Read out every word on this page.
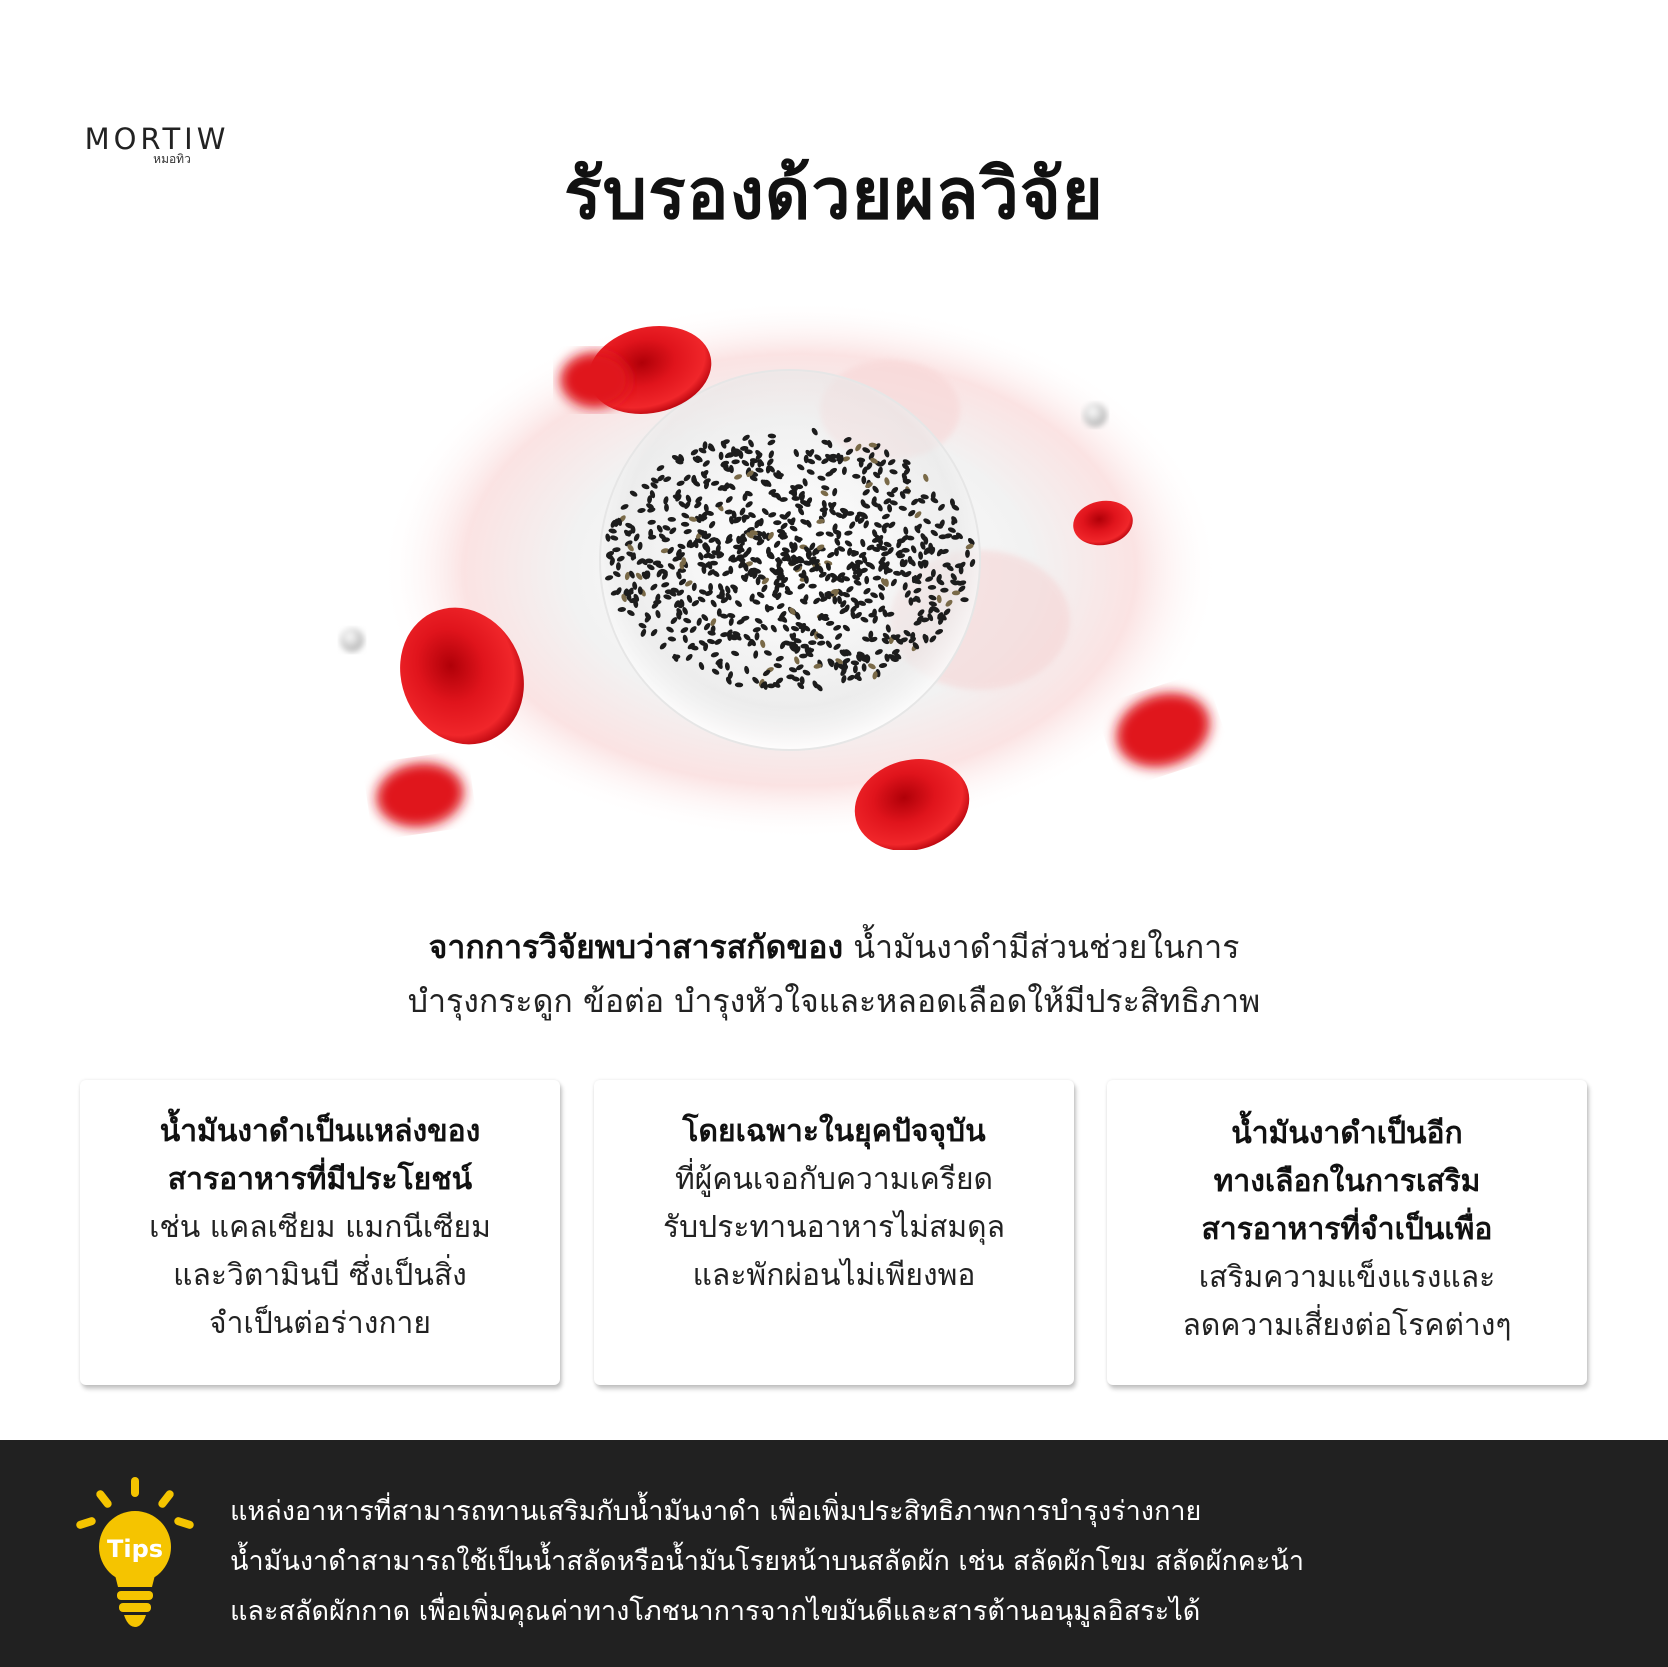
MORTIW
หมอทิว	รับรองด้วยผลวิจัย
จากการวิจัยพบว่าสารสกัดของ น้ำมันงาดำมีส่วนช่วยในการ
บำรุงกระดูก ข้อต่อ บำรุงหัวใจและหลอดเลือดให้มีประสิทธิภาพ
น้ำมันงาดำเป็นแหล่งของ
สารอาหารที่มีประโยชน์
เช่น แคลเซียม แมกนีเซียม
และวิตามินบี ซึ่งเป็นสิ่ง
จำเป็นต่อร่างกาย
โดยเฉพาะในยุคปัจจุบัน
ที่ผู้คนเจอกับความเครียด
รับประทานอาหารไม่สมดุล
และพักผ่อนไม่เพียงพอ
น้ำมันงาดำเป็นอีก
ทางเลือกในการเสริม
สารอาหารที่จำเป็นเพื่อ
เสริมความแข็งแรงและ
ลดความเสี่ยงต่อโรคต่างๆ
Tips
แหล่งอาหารที่สามารถทานเสริมกับน้ำมันงาดำ เพื่อเพิ่มประสิทธิภาพการบำรุงร่างกาย
น้ำมันงาดำสามารถใช้เป็นน้ำสลัดหรือน้ำมันโรยหน้าบนสลัดผัก เช่น สลัดผักโขม สลัดผักคะน้า
และสลัดผักกาด เพื่อเพิ่มคุณค่าทางโภชนาการจากไขมันดีและสารต้านอนุมูลอิสระได้
